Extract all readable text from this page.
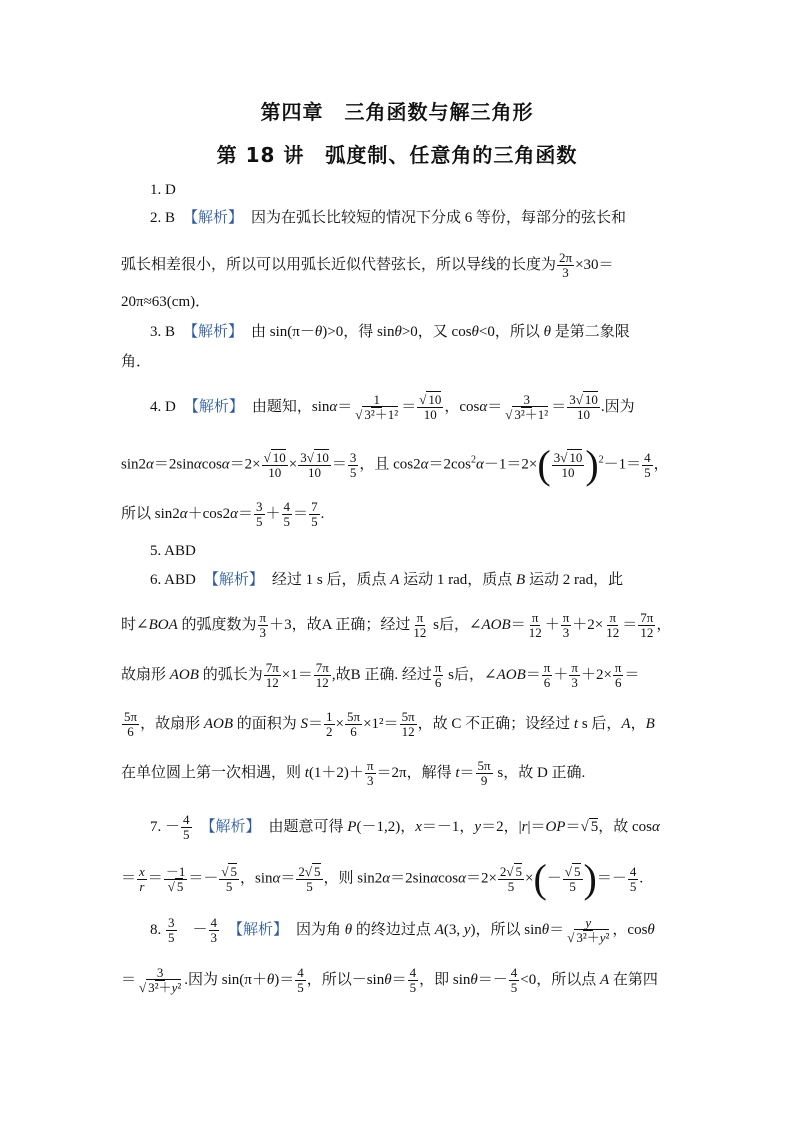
第四章　三角函数与解三角形
第 18 讲　弧度制、任意角的三角函数
1. D
2. B 【解析】 因为在弧长比较短的情况下分成 6 等份，每部分的弦长和
弧长相差很小，所以可以用弧长近似代替弦长，所以导线的长度为 $\frac{2\pi}{3} \times 30=$
20π≈63(cm)．
3. B 【解析】 由 sin(π－θ)>0，得 sinθ>0，又 cosθ<0，所以 θ 是第二象限
角．
4. D 【解析】 由题知，$\sin\alpha= \frac{1}{\text{√ 3²＋1²}} = \frac{√ 10}{10}$ ，$\cos\alpha= \frac{3}{\text{√ 3²＋1²}} = \frac{3√ 10}{10}$ .因为
$\sin 2\alpha=2\sin\alpha\cos\alpha=2\times \frac{√ 10}{10} \times \frac{3√ 10}{10} = \frac{3}{5}$ ，且 $\cos 2\alpha=2\cos^2\alpha-1=2\times( \frac{3√ 10}{10} )^2-1= \frac{4}{5}$ ，
所以 $\sin 2\alpha+\cos 2\alpha= \frac{3}{5} + \frac{4}{5} = \frac{7}{5}$ .
5. ABD
6. ABD 【解析】 经过 1 s 后，质点 A 运动 1 rad，质点 B 运动 2 rad，此
时∠BOA 的弧度数为 $\frac{\pi}{3} +3$，故A 正确；经过 $\frac{\pi}{12}$ s后，∠AOB＝ $\frac{\pi}{12} + \frac{\pi}{3} +2\times \frac{\pi}{12} = \frac{7\pi}{12}$ ，
故扇形 AOB 的弧长为 $\frac{7\pi}{12} \times 1= \frac{7\pi}{12}$ ,故B 正确. 经过 $\frac{\pi}{6}$ s后，∠AOB＝ $\frac{\pi}{6} + \frac{\pi}{3} +2\times \frac{\pi}{6}$ ＝
$\frac{5\pi}{6}$ ，故扇形 AOB 的面积为 $S= \frac{1}{2} \times \frac{5\pi}{6} \times 1^2= \frac{5\pi}{12}$ ，故 C 不正确；设经过 t s 后，A，B
在单位圆上第一次相遇，则 $t(1+2)+ \frac{\pi}{3} =2\pi$，解得 $t= \frac{5\pi}{9}$ s，故 D 正确.
7. － $\frac{4}{5}$ 【解析】 由题意可得 P(－1,2)，x＝－1，y＝2，|r|＝OP＝√ 5，故 cosα
＝ $\frac{x}{r} = \frac{-1}{√ 5} =- \frac{√ 5}{5}$ ，$\sin\alpha= \frac{2√ 5}{5}$ ，则 $\sin 2\alpha=2\sin\alpha\cos\alpha=2\times \frac{2√ 5}{5}$ ×(－ $\frac{√ 5}{5}$ )＝－ $\frac{4}{5}$ .
8. $\frac{3}{5}$ 　－ $\frac{4}{3}$ 【解析】 因为角 θ 的终边过点 A(3, y)，所以 $\sin\theta= \frac{y}{\text{√ 3²＋y²}}$ ，cosθ
＝ $\frac{3}{\text{√ 3²＋y²}}$ .因为 $\sin(\pi+\theta)= \frac{4}{5}$ ，所以$-\sin\theta= \frac{4}{5}$ ，即 $\sin\theta=- \frac{4}{5} <0$，所以点 A 在第四
